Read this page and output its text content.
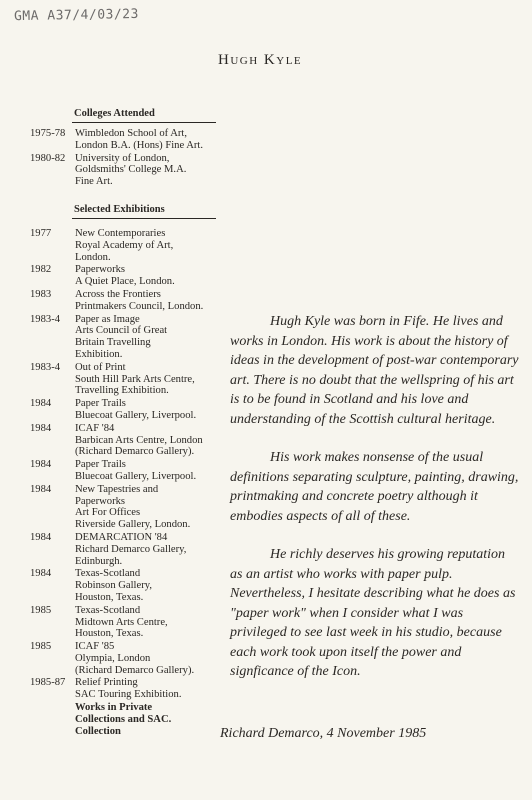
GMA A37/4/03/23
Hugh Kyle
Colleges Attended
1975-78 Wimbledon School of Art,
London B.A. (Hons) Fine Art.
1980-82 University of London,
Goldsmiths' College M.A.
Fine Art.
Selected Exhibitions
1977 New Contemporaries
Royal Academy of Art,
London.
1982 Paperworks
A Quiet Place, London.
1983 Across the Frontiers
Printmakers Council, London.
1983-4 Paper as Image
Arts Council of Great
Britain Travelling
Exhibition.
1983-4 Out of Print
South Hill Park Arts Centre,
Travelling Exhibition.
1984 Paper Trails
Bluecoat Gallery, Liverpool.
1984 ICAF '84
Barbican Arts Centre, London
(Richard Demarco Gallery).
1984 Paper Trails
Bluecoat Gallery, Liverpool.
1984 New Tapestries and
Paperworks
Art For Offices
Riverside Gallery, London.
1984 DEMARCATION '84
Richard Demarco Gallery,
Edinburgh.
1984 Texas-Scotland
Robinson Gallery,
Houston, Texas.
1985 Texas-Scotland
Midtown Arts Centre,
Houston, Texas.
1985 ICAF '85
Olympia, London
(Richard Demarco Gallery).
1985-87 Relief Printing
SAC Touring Exhibition.
Works in Private
Collections and SAC.
Collection

Hugh Kyle was born in Fife. He lives and works in London. His work is about the history of ideas in the development of post-war contemporary art. There is no doubt that the wellspring of his art is to be found in Scotland and his love and understanding of the Scottish cultural heritage.

His work makes nonsense of the usual definitions separating sculpture, painting, drawing, printmaking and concrete poetry although it embodies aspects of all of these.

He richly deserves his growing reputation as an artist who works with paper pulp. Nevertheless, I hesitate describing what he does as "paper work" when I consider what I was privileged to see last week in his studio, because each work took upon itself the power and signficance of the Icon.

Richard Demarco, 4 November 1985
